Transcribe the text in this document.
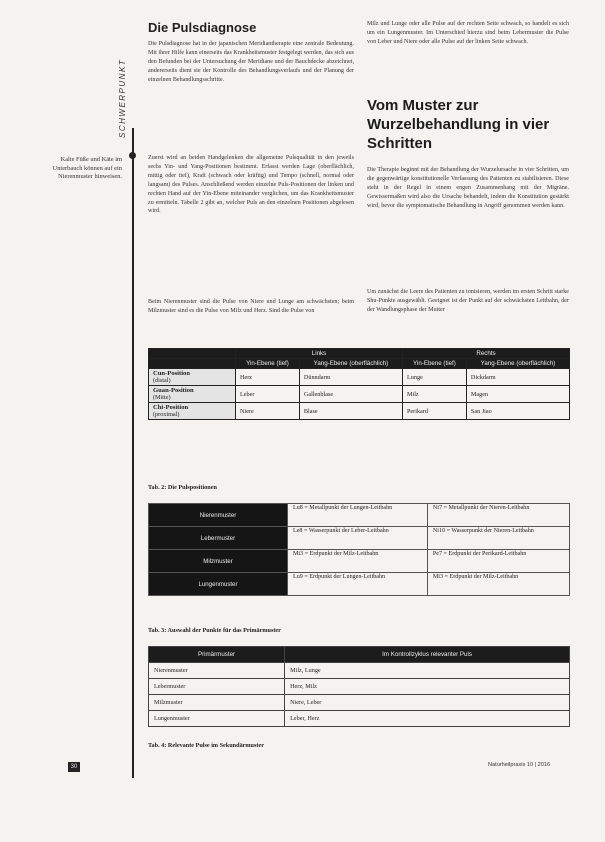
SCHWERPUNKT
Die Pulsdiagnose
Die Pulsdiagnose hat in der japanischen Meridiantherapie eine zentrale Bedeutung. Mit ihrer Hilfe kann einerseits das Krankheitsmuster festgelegt werden, das sich aus den Befunden bei der Untersuchung der Meridiane und der Bauchdecke abzeichnet, andererseits dient sie der Kontrolle des Behandlungsverlaufs und der Planung der einzelnen Behandlungsschritte.
Zuerst wird an beiden Handgelenken die allgemeine Pulsqualität in den jeweils sechs Yin- und Yang-Positionen bestimmt. Erfasst werden Lage (oberflächlich, mittig oder tief), Kraft (schwach oder kräftig) und Tempo (schnell, normal oder langsam) des Pulses. Anschließend werden einzelne Puls-Positionen der linken und rechten Hand auf der Yin-Ebene miteinander verglichen, um das Krankheitsmuster zu ermitteln. Tabelle 2 gibt an, welcher Puls an den einzelnen Positionen abgelesen wird.
Beim Nierenmuster sind die Pulse von Niere und Lunge am schwächsten; beim Milzmuster sind es die Pulse von Milz und Herz. Sind die Pulse von
Kalte Füße und Käte im Unterbauch können auf ein Nierenmuster hinweisen.
Milz und Lunge oder alle Pulse auf der rechten Seite schwach, so handelt es sich um ein Lungenmuster. Im Unterschied hierzu sind beim Lebermuster die Pulse von Leber und Niere oder alle Pulse auf der linken Seite schwach.
Vom Muster zur Wurzelbehandlung in vier Schritten
Die Therapie beginnt mit der Behandlung der Wurzelursache in vier Schritten, um die gegenwärtige konstitutionelle Verfassung des Patienten zu stabilisieren. Diese steht in der Regel in einem engen Zusammenhang mit der Migräne. Gewissermaßen wird also die Ursache behandelt, indem die Konstitution gestärkt wird, bevor die symptomatische Behandlung in Angriff genommen werden kann.
Um zunächst die Leere des Patienten zu tonisieren, werden im ersten Schritt starke Shu-Punkte ausgewählt. Geeignet ist der Punkt auf der schwächsten Leitbahn, der der Wandlungsphase der Mutter
	Links		Rechts	
	Yin-Ebene (tief)	Yang-Ebene (oberflächlich)	Yin-Ebene (tief)	Yang-Ebene (oberflächlich)
Cun-Position
(distal)	Herz	Dünndarm	Lunge	Dickdarm
Guan-Position
(Mitte)	Leber	Gallenblase	Milz	Magen
Chi-Position
(proximal)	Niere	Blase	Perikard	San Jiao
Tab. 2: Die Pulspositionen
Nierenmuster	Lu8 = Metallpunkt der Lungen-Leitbahn	Ni7 = Metallpunkt der Nieren-Leitbahn
Lebermuster	Le8 = Wasserpunkt der Leber-Leitbahn	Ni10 = Wasserpunkt der Nieren-Leitbahn
Milzmuster	Mi3 = Erdpunkt der Milz-Leitbahn	Pe7 = Erdpunkt der Perikard-Leitbahn
Lungenmuster	Lu9 = Erdpunkt der Lungen-Leitbahn	Mi3 = Erdpunkt der Milz-Leitbahn
Tab. 3: Auswahl der Punkte für das Primärmuster
Primärmuster	Im Kontrollzyklus relevanter Puls
Nierenmuster	Milz, Lunge
Lebermuster	Herz, Milz
Milzmuster	Niere, Leber
Lungenmuster	Leber, Herz
Tab. 4: Relevante Pulse im Sekundärmuster
30	Naturheilpraxis 10 | 2016
